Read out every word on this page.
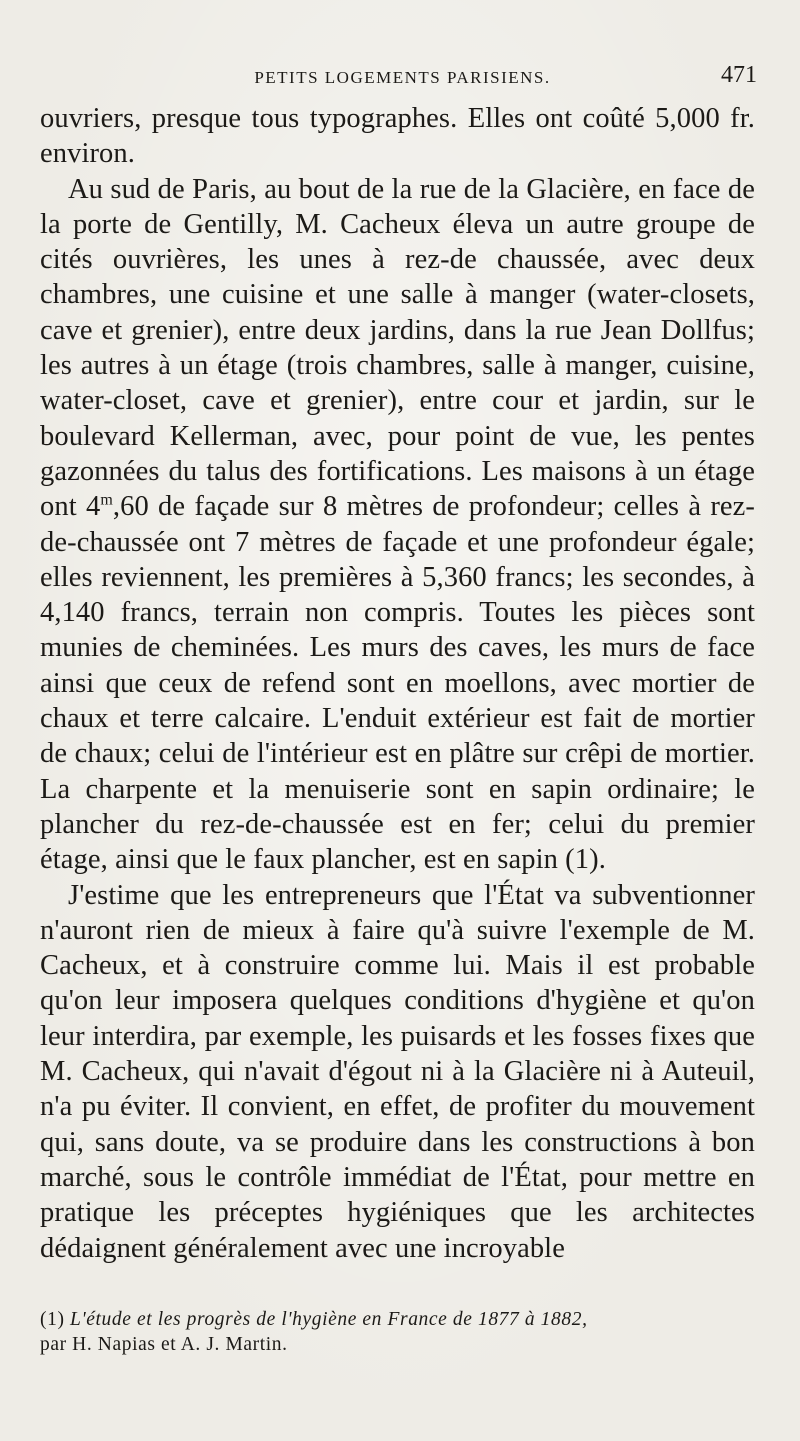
PETITS LOGEMENTS PARISIENS.	471

ouvriers, presque tous typographes. Elles ont coûté 5,000 fr. environ.

Au sud de Paris, au bout de la rue de la Glacière, en face de la porte de Gentilly, M. Cacheux éleva un autre groupe de cités ouvrières, les unes à rez-de chaussée, avec deux chambres, une cuisine et une salle à manger (water-closets, cave et grenier), entre deux jardins, dans la rue Jean Dollfus; les autres à un étage (trois chambres, salle à manger, cuisine, water-closet, cave et grenier), entre cour et jardin, sur le boulevard Kellerman, avec, pour point de vue, les pentes gazonnées du talus des fortifications. Les maisons à un étage ont 4$^m$,60 de façade sur 8 mètres de profondeur; celles à rez-de-chaussée ont 7 mètres de façade et une profondeur égale; elles reviennent, les premières à 5,360 francs; les secondes, à 4,140 francs, terrain non compris. Toutes les pièces sont munies de cheminées. Les murs des caves, les murs de face ainsi que ceux de refend sont en moellons, avec mortier de chaux et terre calcaire. L'enduit extérieur est fait de mortier de chaux; celui de l'intérieur est en plâtre sur crêpi de mortier. La charpente et la menuiserie sont en sapin ordinaire; le plancher du rez-de-chaussée est en fer; celui du premier étage, ainsi que le faux plancher, est en sapin (1).

J'estime que les entrepreneurs que l'État va subventionner n'auront rien de mieux à faire qu'à suivre l'exemple de M. Cacheux, et à construire comme lui. Mais il est probable qu'on leur imposera quelques conditions d'hygiène et qu'on leur interdira, par exemple, les puisards et les fosses fixes que M. Cacheux, qui n'avait d'égout ni à la Glacière ni à Auteuil, n'a pu éviter. Il convient, en effet, de profiter du mouvement qui, sans doute, va se produire dans les constructions à bon marché, sous le contrôle immédiat de l'État, pour mettre en pratique les préceptes hygiéniques que les architectes dédaignent généralement avec une incroyable

(1) L'étude et les progrès de l'hygiène en France de 1877 à 1882,
par H. Napias et A. J. Martin.
